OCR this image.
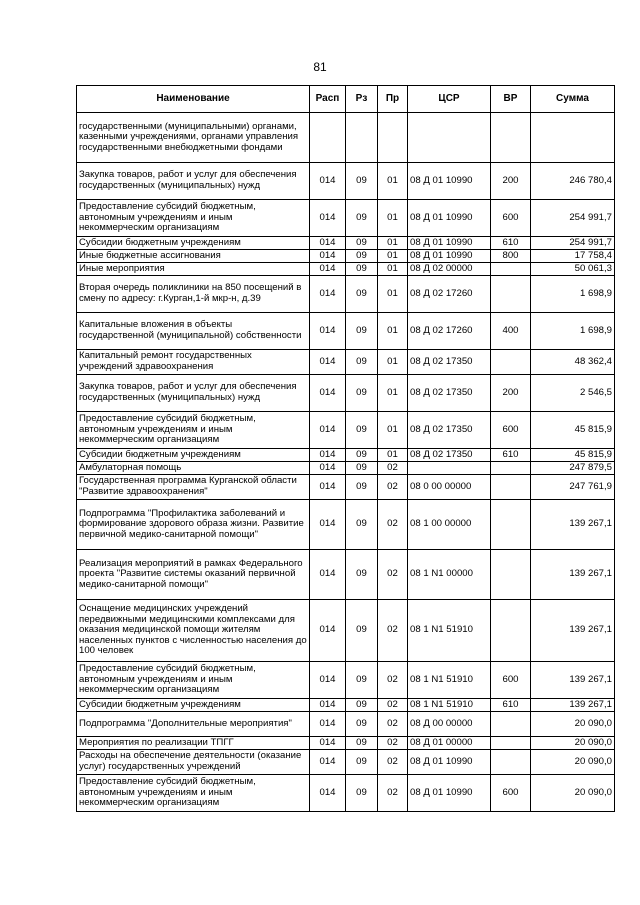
81
Наименование	Расп	Рз	Пр	ЦСР	ВР	Сумма
государственными (муниципальными) органами, казенными учреждениями, органами управления государственными внебюджетными фондами						
Закупка товаров, работ и услуг для обеспечения государственных (муниципальных) нужд	014	09	01	08 Д 01 10990	200	246 780,4
Предоставление субсидий бюджетным, автономным учреждениям и иным некоммерческим организациям	014	09	01	08 Д 01 10990	600	254 991,7
Субсидии бюджетным учреждениям	014	09	01	08 Д 01 10990	610	254 991,7
Иные бюджетные ассигнования	014	09	01	08 Д 01 10990	800	17 758,4
Иные мероприятия	014	09	01	08 Д 02 00000		50 061,3
Вторая очередь поликлиники на 850 посещений в смену по адресу: г.Курган,1-й мкр-н, д.39	014	09	01	08 Д 02 17260		1 698,9
Капитальные вложения в объекты государственной (муниципальной) собственности	014	09	01	08 Д 02 17260	400	1 698,9
Капитальный ремонт государственных учреждений здравоохранения	014	09	01	08 Д 02 17350		48 362,4
Закупка товаров, работ и услуг для обеспечения государственных (муниципальных) нужд	014	09	01	08 Д 02 17350	200	2 546,5
Предоставление субсидий бюджетным, автономным учреждениям и иным некоммерческим организациям	014	09	01	08 Д 02 17350	600	45 815,9
Субсидии бюджетным учреждениям	014	09	01	08 Д 02 17350	610	45 815,9
Амбулаторная помощь	014	09	02			247 879,5
Государственная программа Курганской области "Развитие здравоохранения"	014	09	02	08 0 00 00000		247 761,9
Подпрограмма "Профилактика заболеваний и формирование здорового образа жизни. Развитие первичной медико-санитарной помощи"	014	09	02	08 1 00 00000		139 267,1
Реализация мероприятий в рамках Федерального проекта "Развитие системы оказаний первичной медико-санитарной помощи"	014	09	02	08 1 N1 00000		139 267,1
Оснащение медицинских учреждений передвижными медицинскими комплексами для оказания медицинской помощи жителям населенных пунктов с численностью населения до 100 человек	014	09	02	08 1 N1 51910		139 267,1
Предоставление субсидий бюджетным, автономным учреждениям и иным некоммерческим организациям	014	09	02	08 1 N1 51910	600	139 267,1
Субсидии бюджетным учреждениям	014	09	02	08 1 N1 51910	610	139 267,1
Подпрограмма "Дополнительные мероприятия"	014	09	02	08 Д 00 00000		20 090,0
Мероприятия по реализации ТПГГ	014	09	02	08 Д 01 00000		20 090,0
Расходы на обеспечение деятельности (оказание услуг) государственных учреждений	014	09	02	08 Д 01 10990		20 090,0
Предоставление субсидий бюджетным, автономным учреждениям и иным некоммерческим организациям	014	09	02	08 Д 01 10990	600	20 090,0
